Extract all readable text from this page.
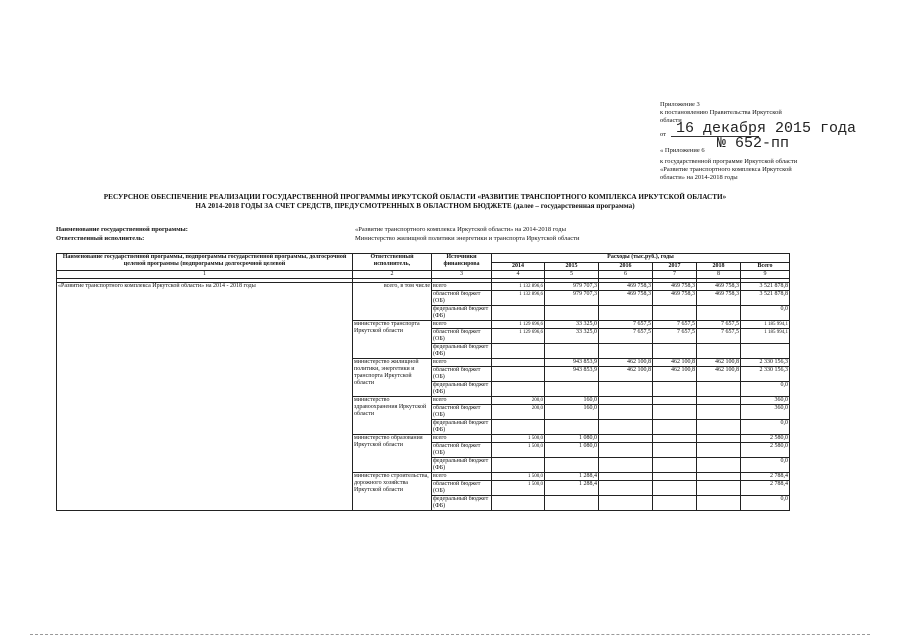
Приложение 3
к постановлению Правительства Иркутской
области
от 16 декабря 2015 года
№ 652-пп
« Приложение 6
к государственной программе Иркутской области
«Развитие транспортного комплекса Иркутской
области» на 2014-2018 годы
РЕСУРСНОЕ ОБЕСПЕЧЕНИЕ РЕАЛИЗАЦИИ ГОСУДАРСТВЕННОЙ ПРОГРАММЫ ИРКУТСКОЙ ОБЛАСТИ «РАЗВИТИЕ ТРАНСПОРТНОГО КОМПЛЕКСА ИРКУТСКОЙ ОБЛАСТИ»
НА 2014-2018 ГОДЫ ЗА СЧЕТ СРЕДСТВ, ПРЕДУСМОТРЕННЫХ В ОБЛАСТНОМ БЮДЖЕТЕ (далее – государственная программа)
Наименование государственной программы:	«Развитие транспортного комплекса Иркутской области» на 2014-2018 годы
Ответственный исполнитель:	Министерство жилищной политики энергетики и транспорта Иркутской области
Наименование государственной программы, подпрограммы государственной программы, долгосрочной целевой программы (подпрограммы долгосрочной целевой	Ответственный исполнитель,	Источники финансирова	Расходы (тыс.руб.), годы					
			2014	2015	2016	2017	2018	Всего
1	2	3	4	5	6	7	8	9

«Развитие транспортного комплекса Иркутской области» на 2014 - 2018 годы	всего, в том числе	всего	1 132 896,6	979 707,3	469 758,3	469 758,3	469 758,3	3 521 878,8
		областной бюджет (ОБ)	1 132 896,6	979 707,3	469 758,3	469 758,3	469 758,3	3 521 878,8
		федеральный бюджет (ФБ)						0,0
	министерство транспорта Иркутской области	всего	1 129 696,6	33 325,0	7 657,5	7 657,5	7 657,5	1 185 994,1
		областной бюджет (ОБ)	1 129 696,6	33 325,0	7 657,5	7 657,5	7 657,5	1 185 994,1
		федеральный бюджет (ФБ)						
	министерство жилищной политики, энергетики и транспорта Иркутской области	всего		943 853,9	462 100,8	462 100,8	462 100,8	2 330 156,3
		областной бюджет (ОБ)		943 853,9	462 100,8	462 100,8	462 100,8	2 330 156,3
		федеральный бюджет (ФБ)						0,0
	министерство здравоохранения Иркутской области	всего	200,0	160,0				360,0
		областной бюджет (ОБ)	200,0	160,0				360,0
		федеральный бюджет (ФБ)						0,0
	министерство образования Иркутской области	всего	1 500,0	1 080,0				2 580,0
		областной бюджет (ОБ)	1 500,0	1 080,0				2 580,0
		федеральный бюджет (ФБ)						0,0
	министерство строительства, дорожного хозяйства Иркутской области	всего	1 500,0	1 288,4				2 788,4
		областной бюджет (ОБ)	1 500,0	1 288,4				2 788,4
		федеральный бюджет (ФБ)						0,0
